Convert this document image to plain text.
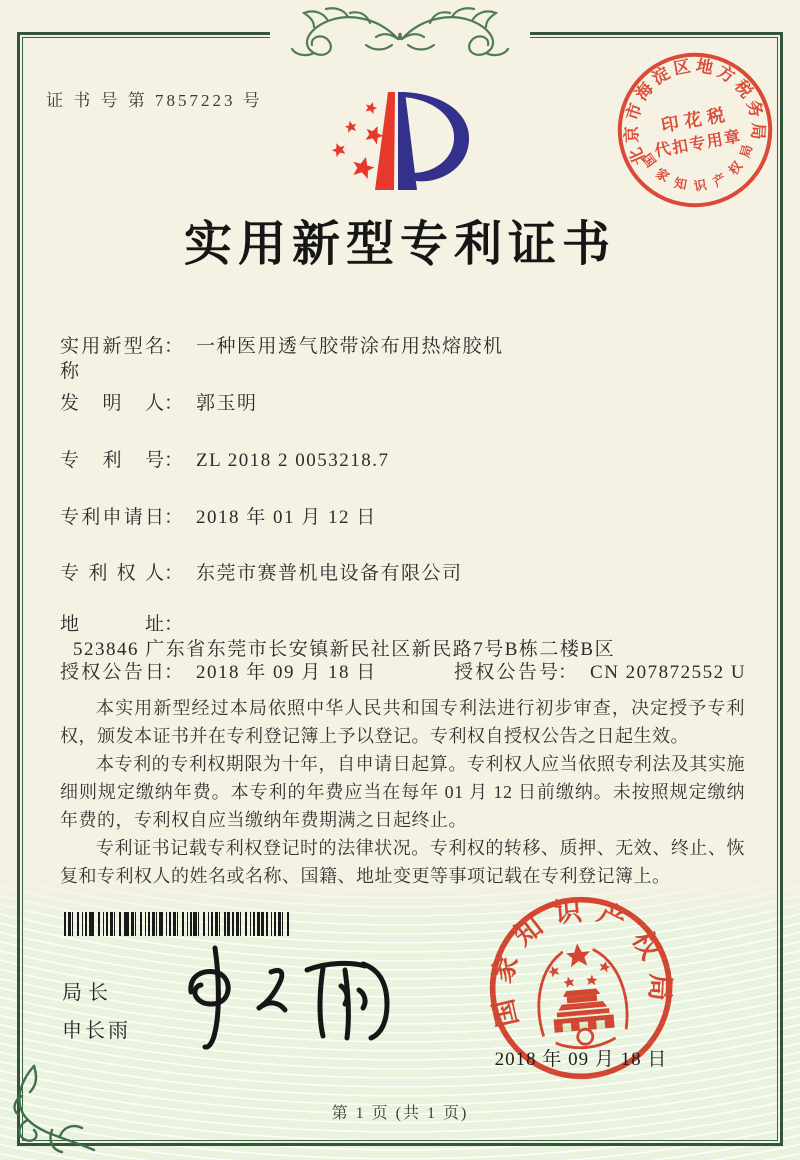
证 书 号 第 7857223 号
北京市海淀区地方税务局
国家知识产权局
印花税
代扣专用章
实用新型专利证书
实用新型名称： 一种医用透气胶带涂布用热熔胶机
发明人： 郭玉明
专利号： ZL 2018 2 0053218.7
专利申请日： 2018 年 01 月 12 日
专利权人： 东莞市赛普机电设备有限公司
地址：523846 广东省东莞市长安镇新民社区新民路7号B栋二楼B区
授权公告日： 2018 年 09 月 18 日	授权公告号： CN 207872552 U

本实用新型经过本局依照中华人民共和国专利法进行初步审查，决定授予专利权，颁发本证书并在专利登记簿上予以登记。专利权自授权公告之日起生效。

本专利的专利权期限为十年，自申请日起算。专利权人应当依照专利法及其实施细则规定缴纳年费。本专利的年费应当在每年 01 月 12 日前缴纳。未按照规定缴纳年费的，专利权自应当缴纳年费期满之日起终止。

专利证书记载专利权登记时的法律状况。专利权的转移、质押、无效、终止、恢复和专利权人的姓名或名称、国籍、地址变更等事项记载在专利登记簿上。

局长
申长雨
国家知识产权局
2018 年 09 月 18 日
第 1 页 (共 1 页)
